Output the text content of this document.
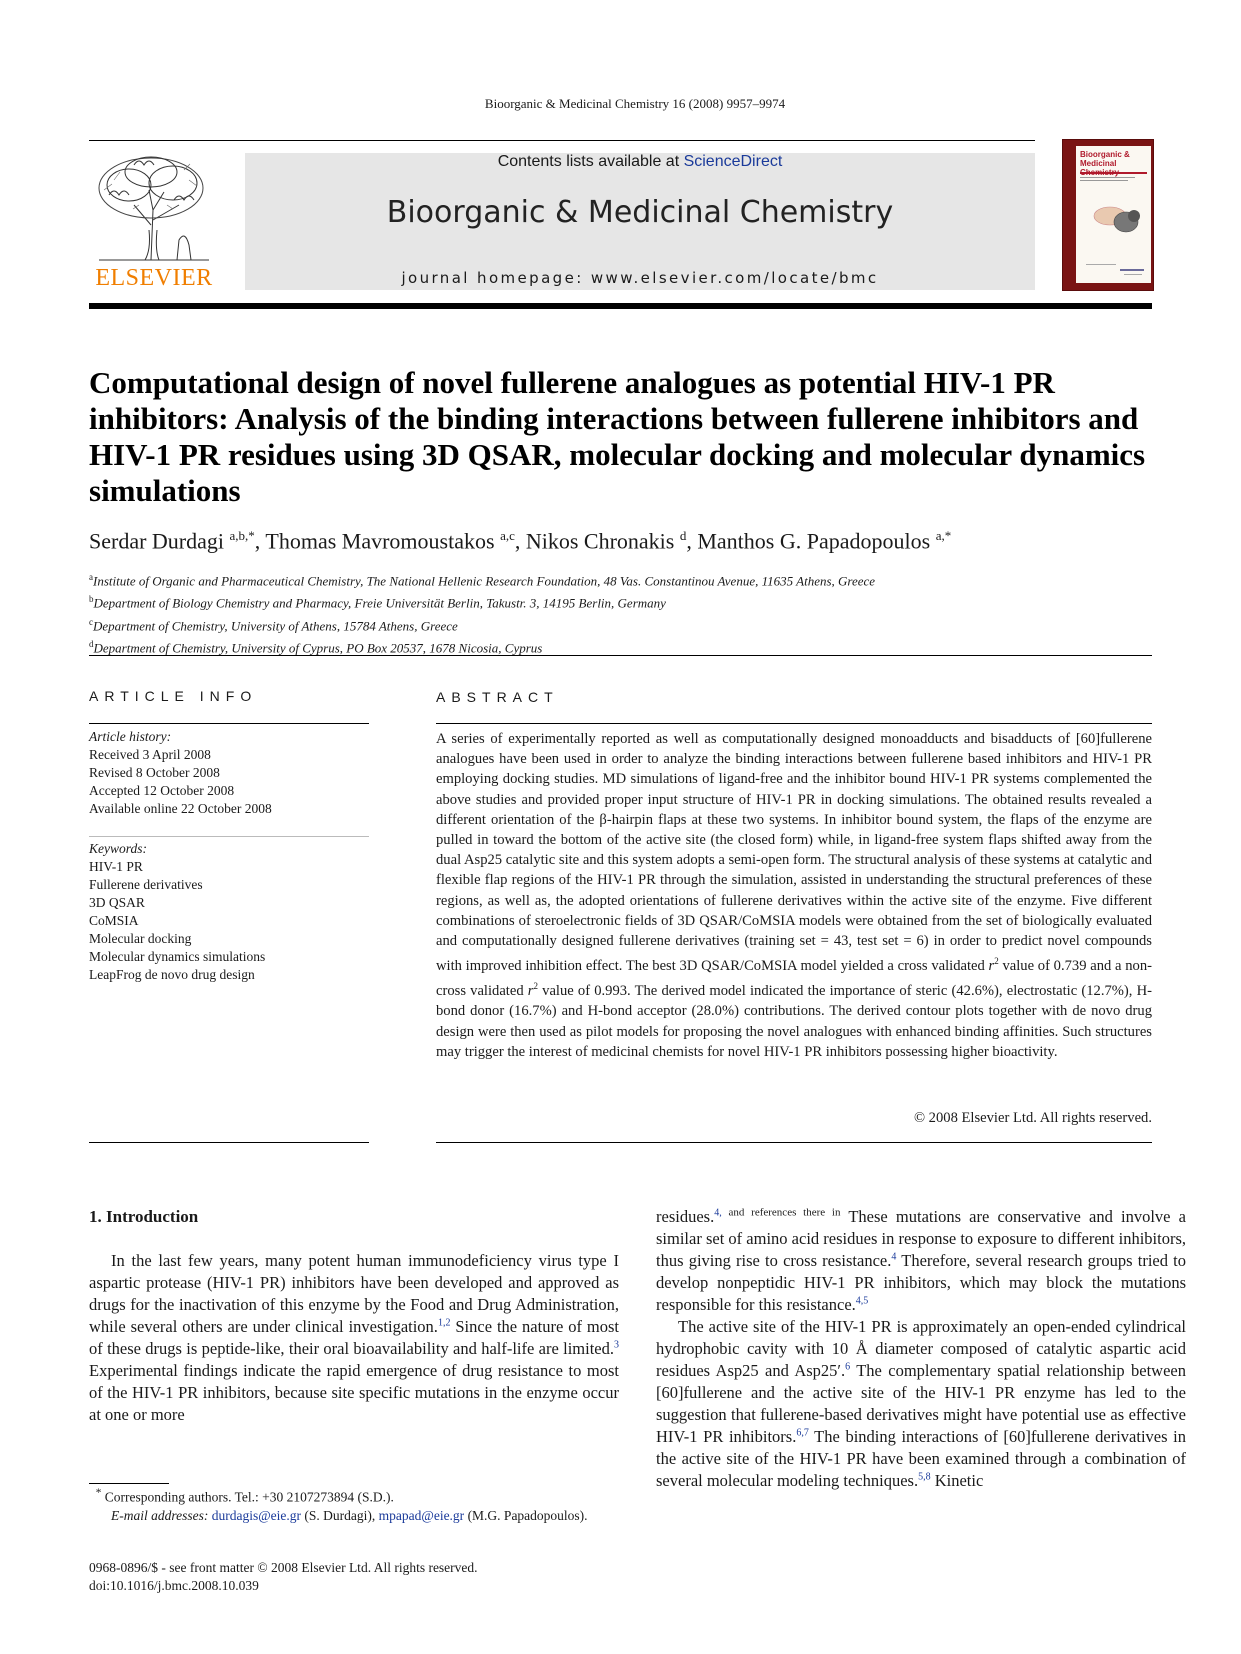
Bioorganic & Medicinal Chemistry 16 (2008) 9957–9974
ELSEVIER
Contents lists available at ScienceDirect
Bioorganic & Medicinal Chemistry
journal homepage: www.elsevier.com/locate/bmc
Bioorganic & Medicinal
Computational design of novel fullerene analogues as potential HIV-1 PR inhibitors: Analysis of the binding interactions between fullerene inhibitors and HIV-1 PR residues using 3D QSAR, molecular docking and molecular dynamics simulations
Serdar Durdagi $^{a,b,*}$, Thomas Mavromoustakos $^{a,c}$, Nikos Chronakis $^d$, Manthos G. Papadopoulos $^{a,*}$
$^a$Institute of Organic and Pharmaceutical Chemistry, The National Hellenic Research Foundation, 48 Vas. Constantinou Avenue, 11635 Athens, Greece
$^b$Department of Biology Chemistry and Pharmacy, Freie Universität Berlin, Takustr. 3, 14195 Berlin, Germany
$^c$Department of Chemistry, University of Athens, 15784 Athens, Greece
$^d$Department of Chemistry, University of Cyprus, PO Box 20537, 1678 Nicosia, Cyprus
ARTICLE INFO
Article history:
Received 3 April 2008
Revised 8 October 2008
Accepted 12 October 2008
Available online 22 October 2008
Keywords:
HIV-1 PR
Fullerene derivatives
3D QSAR
CoMSIA
Molecular docking
Molecular dynamics simulations
LeapFrog de novo drug design
ABSTRACT

A series of experimentally reported as well as computationally designed monoadducts and bisadducts of [60]fullerene analogues have been used in order to analyze the binding interactions between fullerene based inhibitors and HIV-1 PR employing docking studies. MD simulations of ligand-free and the inhibitor bound HIV-1 PR systems complemented the above studies and provided proper input structure of HIV-1 PR in docking simulations. The obtained results revealed a different orientation of the β-hairpin flaps at these two systems. In inhibitor bound system, the flaps of the enzyme are pulled in toward the bottom of the active site (the closed form) while, in ligand-free system flaps shifted away from the dual Asp25 catalytic site and this system adopts a semi-open form. The structural analysis of these systems at catalytic and flexible flap regions of the HIV-1 PR through the simulation, assisted in understanding the structural preferences of these regions, as well as, the adopted orientations of fullerene derivatives within the active site of the enzyme. Five different combinations of steroelectronic fields of 3D QSAR/CoMSIA models were obtained from the set of biologically evaluated and computationally designed fullerene derivatives (training set = 43, test set = 6) in order to predict novel compounds with improved inhibition effect. The best 3D QSAR/CoMSIA model yielded a cross validated $r^2$ value of 0.739 and a non-cross validated $r^2$ value of 0.993. The derived model indicated the importance of steric (42.6%), electrostatic (12.7%), H-bond donor (16.7%) and H-bond acceptor (28.0%) contributions. The derived contour plots together with de novo drug design were then used as pilot models for proposing the novel analogues with enhanced binding affinities. Such structures may trigger the interest of medicinal chemists for novel HIV-1 PR inhibitors possessing higher bioactivity.

© 2008 Elsevier Ltd. All rights reserved.
1. Introduction

In the last few years, many potent human immunodeficiency virus type I aspartic protease (HIV-1 PR) inhibitors have been developed and approved as drugs for the inactivation of this enzyme by the Food and Drug Administration, while several others are under clinical investigation.$^{1,2}$ Since the nature of most of these drugs is peptide-like, their oral bioavailability and half-life are limited.$^3$ Experimental findings indicate the rapid emergence of drug resistance to most of the HIV-1 PR inhibitors, because site specific mutations in the enzyme occur at one or more

residues.$^{4,}$ $^{and references there in}$ These mutations are conservative and involve a similar set of amino acid residues in response to exposure to different inhibitors, thus giving rise to cross resistance.$^4$ Therefore, several research groups tried to develop nonpeptidic HIV-1 PR inhibitors, which may block the mutations responsible for this resistance.$^{4,5}$

The active site of the HIV-1 PR is approximately an open-ended cylindrical hydrophobic cavity with 10 Å diameter composed of catalytic aspartic acid residues Asp25 and Asp25′.$^6$ The complementary spatial relationship between [60]fullerene and the active site of the HIV-1 PR enzyme has led to the suggestion that fullerene-based derivatives might have potential use as effective HIV-1 PR inhibitors.$^{6,7}$ The binding interactions of [60]fullerene derivatives in the active site of the HIV-1 PR have been examined through a combination of several molecular modeling techniques.$^{5,8}$ Kinetic

* Corresponding authors. Tel.: +30 2107273894 (S.D.).
E-mail addresses: durdagis@eie.gr (S. Durdagi), mpapad@eie.gr (M.G. Papadopoulos).
0968-0896/$ - see front matter © 2008 Elsevier Ltd. All rights reserved.
doi:10.1016/j.bmc.2008.10.039
